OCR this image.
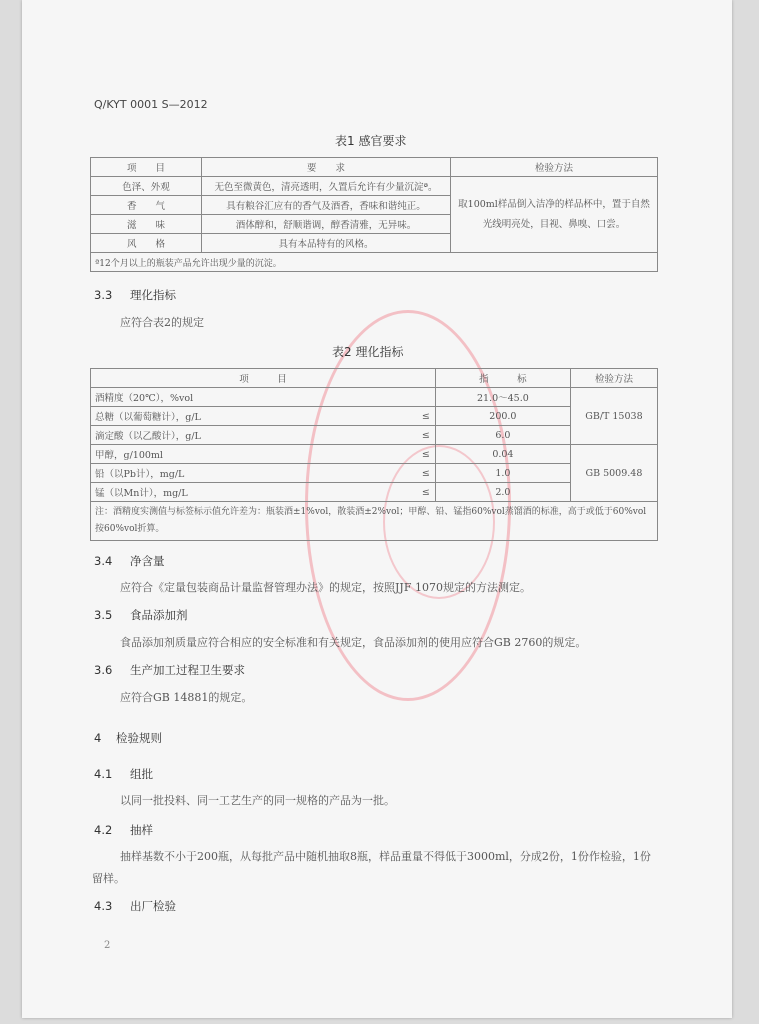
Q/KYT 0001 S—2012
表1 感官要求
项　　目	要　　求	检验方法
色泽、外观	无色至微黄色，清亮透明，久置后允许有少量沉淀ª。	取100ml样品倒入洁净的样品杯中，置于自然光线明亮处，目视、鼻嗅、口尝。
香　　气	具有粮谷汇应有的香气及酒香，香味和谐纯正。	
滋　　味	酒体醇和，舒顺谐调，醇香清雅，无异味。	
风　　格	具有本品特有的风格。	
ª12个月以上的瓶装产品允许出现少量的沉淀。		
3.3 理化指标
应符合表2的规定
表2 理化指标
项　　　目		指　　　标	检验方法
酒精度（20℃），%vol		21.0～45.0	GB/T 15038
总糖（以葡萄糖计），g/L	≤	200.0	
滴定酸（以乙酸计），g/L	≤	6.0	
甲醇，g/100ml	≤	0.04	GB 5009.48
铅（以Pb计），mg/L	≤	1.0	
锰（以Mn计），mg/L	≤	2.0	
注：酒精度实测值与标签标示值允许差为：瓶装酒±1%vol，散装酒±2%vol；甲醇、铅、锰指60%vol蒸馏酒的标准，高于或低于60%vol按60%vol折算。			
3.4 净含量
应符合《定量包装商品计量监督管理办法》的规定，按照JJF 1070规定的方法测定。
3.5 食品添加剂
食品添加剂质量应符合相应的安全标准和有关规定，食品添加剂的使用应符合GB 2760的规定。
3.6 生产加工过程卫生要求
应符合GB 14881的规定。
4 检验规则
4.1 组批
以同一批投料、同一工艺生产的同一规格的产品为一批。
4.2 抽样
抽样基数不小于200瓶，从每批产品中随机抽取8瓶，样品重量不得低于3000ml，分成2份，1份作检验，1份留样。
4.3 出厂检验
2
